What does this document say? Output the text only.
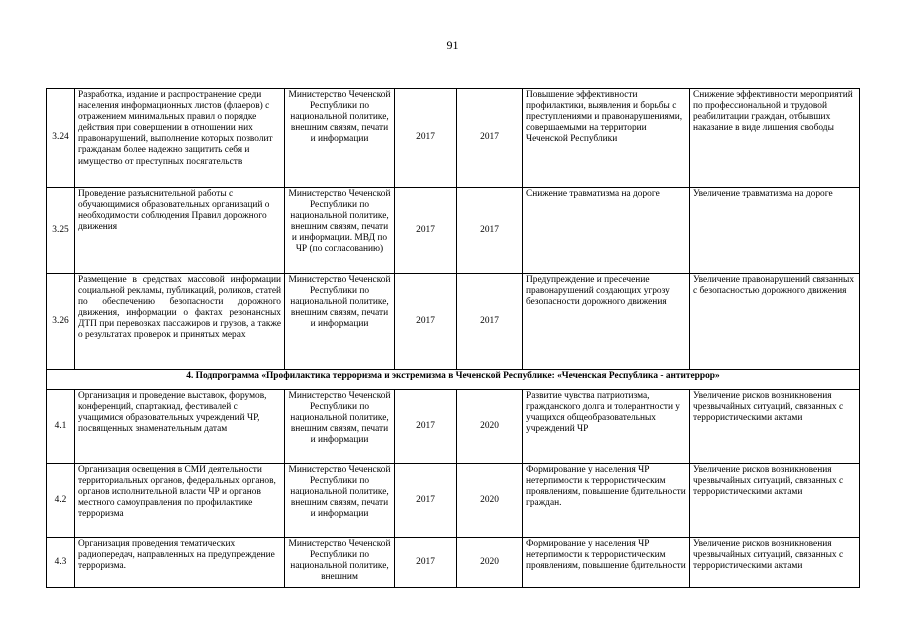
91
3.24	Разработка, издание и распространение среди населения информационных листов (флаеров) с отражением минимальных правил о порядке действия при совершении в отношении них правонарушений, выполнение которых позволит гражданам более надежно защитить себя и имущество от преступных посягательств	Министерство Чеченской Республики по национальной политике, внешним связям, печати и информации	2017	2017	Повышение эффективности профилактики, выявления и борьбы с преступлениями и правонарушениями, совершаемыми на территории Чеченской Республики	Снижение эффективности мероприятий по профессиональной и трудовой реабилитации граждан, отбывших наказание в виде лишения свободы
3.25	Проведение разъяснительной работы с обучающимися образовательных организаций о необходимости соблюдения Правил дорожного движения	Министерство Чеченской Республики по национальной политике, внешним связям, печати и информации. МВД по ЧР (по согласованию)	2017	2017	Снижение травматизма на дороге	Увеличение травматизма на дороге
3.26	Размещение в средствах массовой информации социальной рекламы, публикаций, роликов, статей по обеспечению безопасности дорожного движения, информации о фактах резонансных ДТП при перевозках пассажиров и грузов, а также о результатах проверок и принятых мерах	Министерство Чеченской Республики по национальной политике, внешним связям, печати и информации	2017	2017	Предупреждение и пресечение правонарушений создающих угрозу безопасности дорожного движения	Увеличение правонарушений связанных с безопасностью дорожного движения
4. Подпрограмма «Профилактика терроризма и экстремизма в Чеченской Республике: «Чеченская Республика - антитеррор»						
4.1	Организация и проведение выставок, форумов, конференций, спартакиад, фестивалей с учащимися образовательных учреждений ЧР, посвященных знаменательным датам	Министерство Чеченской Республики по национальной политике, внешним связям, печати и информации	2017	2020	Развитие чувства патриотизма, гражданского долга и толерантности у учащихся общеобразовательных учреждений ЧР	Увеличение рисков возникновения чрезвычайных ситуаций, связанных с террористическими актами
4.2	Организация освещения в СМИ деятельности территориальных органов, федеральных органов, органов исполнительной власти ЧР и органов местного самоуправления по профилактике терроризма	Министерство Чеченской Республики по национальной политике, внешним связям, печати и информации	2017	2020	Формирование у населения ЧР нетерпимости к террористическим проявлениям, повышение бдительности граждан.	Увеличение рисков возникновения чрезвычайных ситуаций, связанных с террористическими актами
4.3	Организация проведения тематических радиопередач, направленных на предупреждение терроризма.	Министерство Чеченской Республики по национальной политике, внешним	2017	2020	Формирование у населения ЧР нетерпимости к террористическим проявлениям, повышение бдительности	Увеличение рисков возникновения чрезвычайных ситуаций, связанных с террористическими актами
